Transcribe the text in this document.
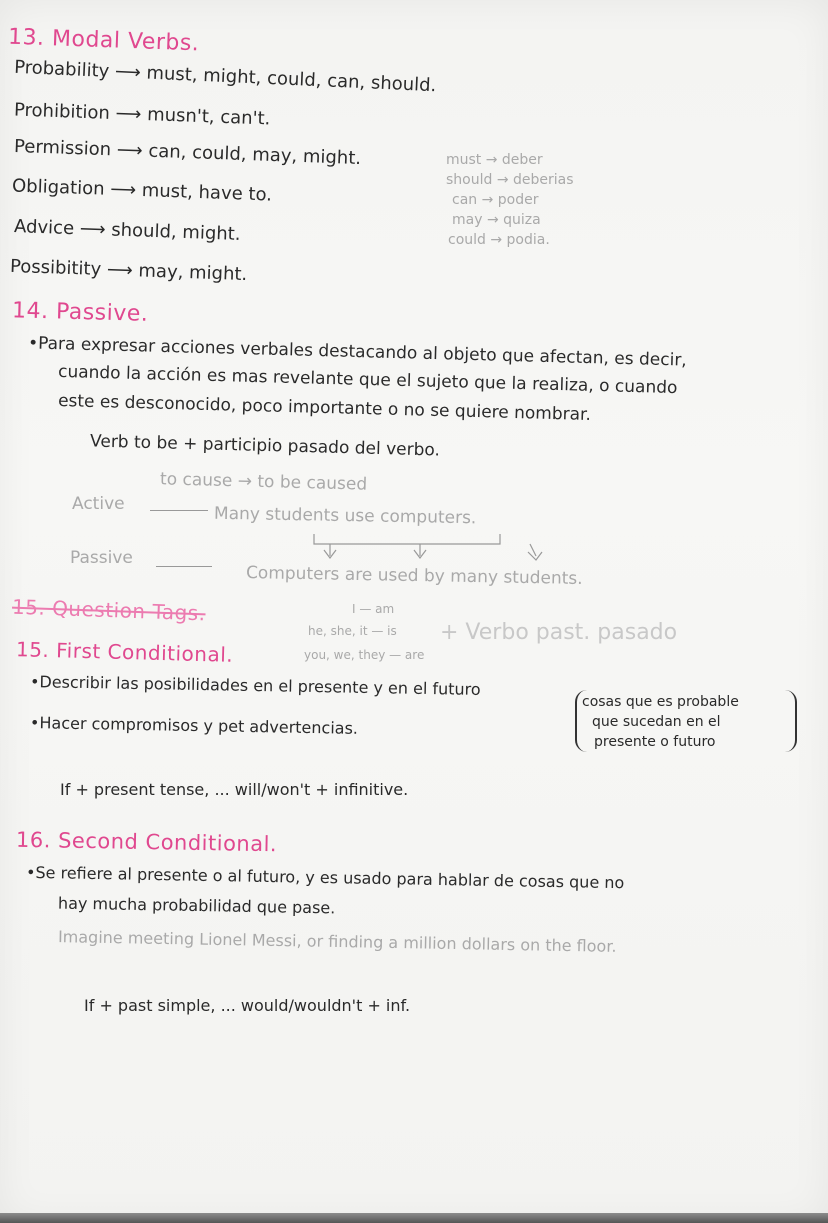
13. Modal Verbs.
Probability ⟶ must, might, could, can, should.
Prohibition ⟶ musn't, can't.
Permission ⟶ can, could, may, might.
Obligation ⟶ must, have to.
Advice ⟶ should, might.
Possibitity ⟶ may, might.
must → deber
should → deberias
can → poder
may → quiza
could → podia.
14. Passive.
•Para expresar acciones verbales destacando al objeto que afectan, es decir,
cuando la acción es mas revelante que el sujeto que la realiza, o cuando
este es desconocido, poco importante o no se quiere nombrar.
Verb to be + participio pasado del verbo.
to cause → to be caused
Active	Many students use computers.
Passive
Computers are used by many students.
15. Question Tags.	I — am
he, she, it — is
you, we, they — are
+ Verbo past. pasado
15. First Conditional.
•Describir las posibilidades en el presente y en el futuro
•Hacer compromisos y pet advertencias.
cosas que es probable
que sucedan en el
presente o futuro
If + present tense, ... will/won't + infinitive.
16. Second Conditional.
•Se refiere al presente o al futuro, y es usado para hablar de cosas que no
hay mucha probabilidad que pase.
Imagine meeting Lionel Messi, or finding a million dollars on the floor.
If + past simple, ... would/wouldn't + inf.
